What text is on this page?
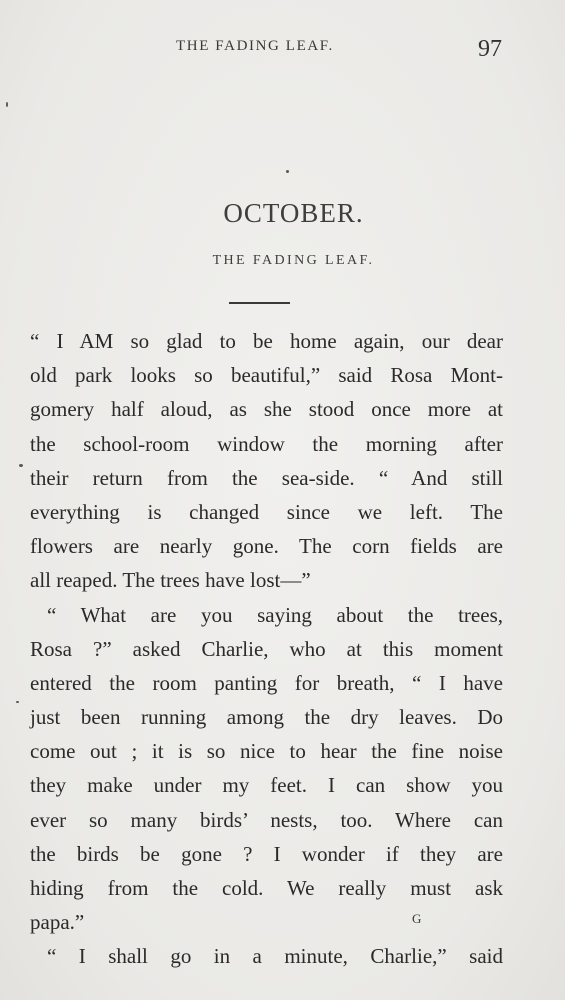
THE FADING LEAF.	97
OCTOBER.
THE FADING LEAF.
“ I AM so glad to be home again, our dear
old park looks so beautiful,” said Rosa Mont-
gomery half aloud, as she stood once more at
the school-room window the morning after
their return from the sea-side. “ And still
everything is changed since we left. The
flowers are nearly gone. The corn fields are
all reaped. The trees have lost—”
“ What are you saying about the trees,
Rosa ?” asked Charlie, who at this moment
entered the room panting for breath, “ I have
just been running among the dry leaves. Do
come out ; it is so nice to hear the fine noise
they make under my feet. I can show you
ever so many birds’ nests, too. Where can
the birds be gone ? I wonder if they are
hiding from the cold. We really must ask
papa.”
“ I shall go in a minute, Charlie,” said
G
